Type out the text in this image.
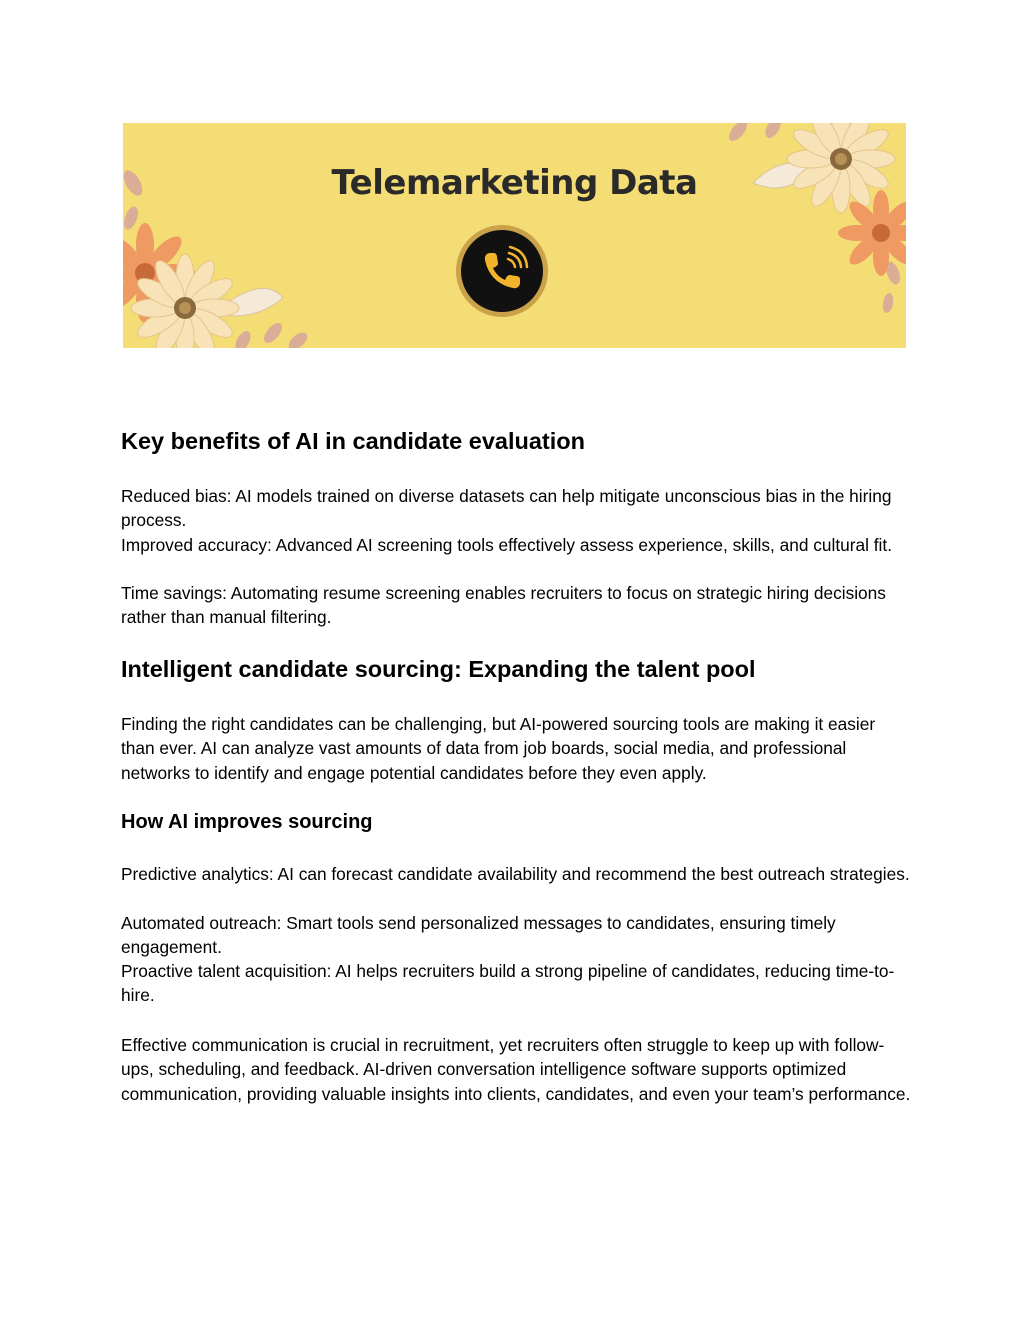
Telemarketing Data
Key benefits of AI in candidate evaluation

Reduced bias: AI models trained on diverse datasets can help mitigate unconscious bias in the hiring process.

Improved accuracy: Advanced AI screening tools effectively assess experience, skills, and cultural fit.

Time savings: Automating resume screening enables recruiters to focus on strategic hiring decisions rather than manual filtering.

Intelligent candidate sourcing: Expanding the talent pool

Finding the right candidates can be challenging, but AI-powered sourcing tools are making it easier than ever. AI can analyze vast amounts of data from job boards, social media, and professional networks to identify and engage potential candidates before they even apply.

How AI improves sourcing

Predictive analytics: AI can forecast candidate availability and recommend the best outreach strategies.

Automated outreach: Smart tools send personalized messages to candidates, ensuring timely engagement.

Proactive talent acquisition: AI helps recruiters build a strong pipeline of candidates, reducing time-to-hire.

Effective communication is crucial in recruitment, yet recruiters often struggle to keep up with follow-ups, scheduling, and feedback. AI-driven conversation intelligence software supports optimized communication, providing valuable insights into clients, candidates, and even your team’s performance.
